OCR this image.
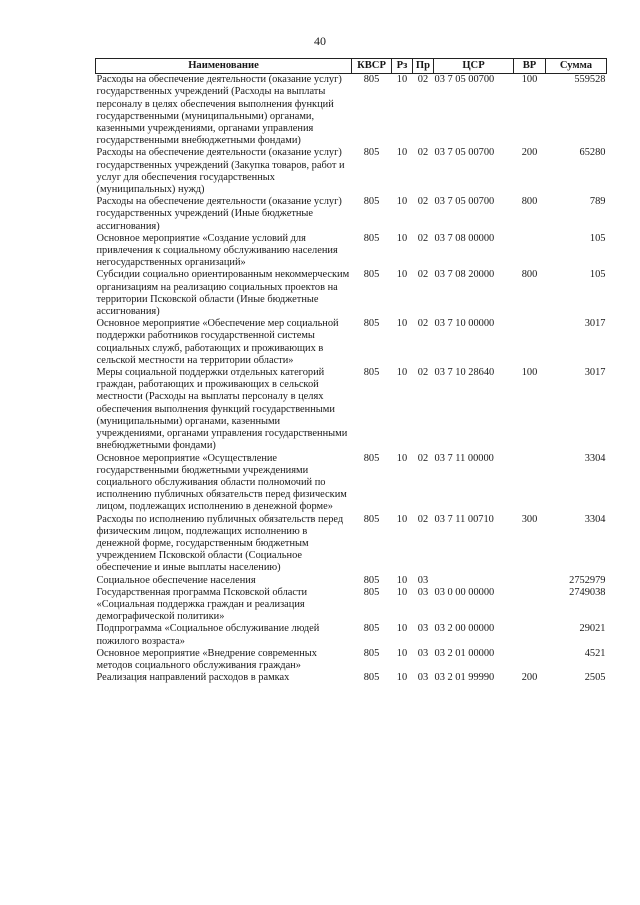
40
Наименование	КВСР	Рз	Пр	ЦСР	ВР	Сумма
Расходы на обеспечение деятельности (оказание услуг) государственных учреждений (Расходы на выплаты персоналу в целях обеспечения выполнения функций государственными (муниципальными) органами, казенными учреждениями, органами управления государственными внебюджетными фондами)	805	10	02	03 7 05 00700	100	559528
Расходы на обеспечение деятельности (оказание услуг) государственных учреждений (Закупка товаров, работ и услуг для обеспечения государственных (муниципальных) нужд)	805	10	02	03 7 05 00700	200	65280
Расходы на обеспечение деятельности (оказание услуг) государственных учреждений (Иные бюджетные ассигнования)	805	10	02	03 7 05 00700	800	789
Основное мероприятие «Создание условий для привлечения к социальному обслуживанию населения негосударственных организаций»	805	10	02	03 7 08 00000		105
Субсидии социально ориентированным некоммерческим организациям на реализацию социальных проектов на территории Псковской области (Иные бюджетные ассигнования)	805	10	02	03 7 08 20000	800	105
Основное мероприятие «Обеспечение мер социальной поддержки работников государственной системы социальных служб, работающих и проживающих в сельской местности на территории области»	805	10	02	03 7 10 00000		3017
Меры социальной поддержки отдельных категорий граждан, работающих и проживающих в сельской местности (Расходы на выплаты персоналу в целях обеспечения выполнения функций государственными (муниципальными) органами, казенными учреждениями, органами управления государственными внебюджетными фондами)	805	10	02	03 7 10 28640	100	3017
Основное мероприятие «Осуществление государственными бюджетными учреждениями социального обслуживания области полномочий по исполнению публичных обязательств перед физическим лицом, подлежащих исполнению в денежной форме»	805	10	02	03 7 11 00000		3304
Расходы по исполнению публичных обязательств перед физическим лицом, подлежащих исполнению в денежной форме, государственным бюджетным учреждением Псковской области (Социальное обеспечение и иные выплаты населению)	805	10	02	03 7 11 00710	300	3304
Социальное обеспечение населения	805	10	03			2752979
Государственная программа Псковской области «Социальная поддержка граждан и реализация демографической политики»	805	10	03	03 0 00 00000		2749038
Подпрограмма «Социальное обслуживание людей пожилого возраста»	805	10	03	03 2 00 00000		29021
Основное мероприятие «Внедрение современных методов социального обслуживания граждан»	805	10	03	03 2 01 00000		4521
Реализация направлений расходов в рамках	805	10	03	03 2 01 99990	200	2505
